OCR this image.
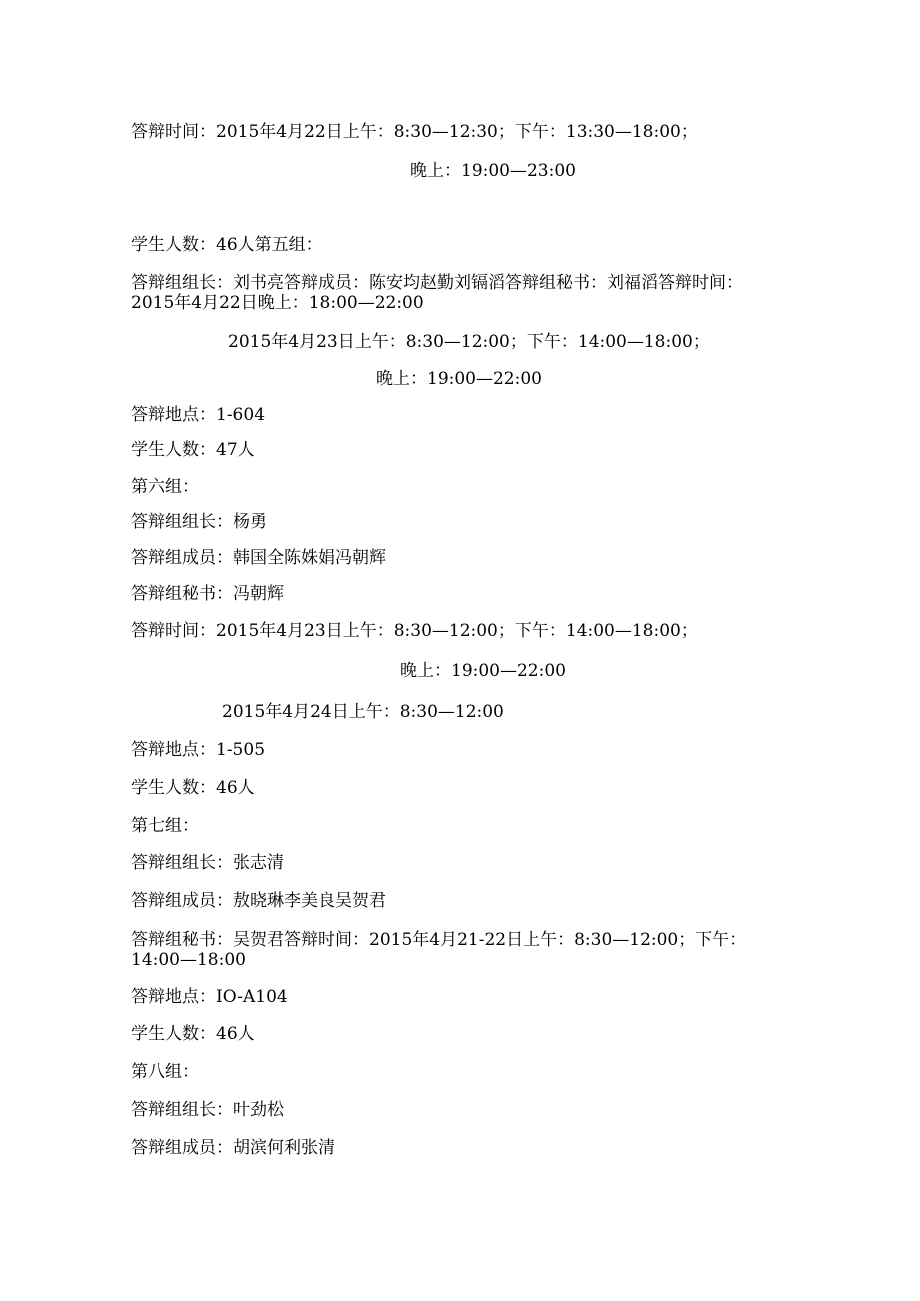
答辩时间：2015年4月22日上午：8:30—12:30；下午：13:30—18:00；
晚上：19:00—23:00
学生人数：46人第五组：
答辩组组长：刘书亮答辩成员：陈安均赵勤刘镉滔答辩组秘书：刘福滔答辩时间：2015年4月22日晚上：18:00—22:00
2015年4月23日上午：8:30—12:00；下午：14:00—18:00；
晚上：19:00—22:00
答辩地点：1-604
学生人数：47人
第六组：
答辩组组长：杨勇
答辩组成员：韩国全陈姝娟冯朝辉
答辩组秘书：冯朝辉
答辩时间：2015年4月23日上午：8:30—12:00；下午：14:00—18:00；
晚上：19:00—22:00
2015年4月24日上午：8:30—12:00
答辩地点：1-505
学生人数：46人
第七组：
答辩组组长：张志清
答辩组成员：敖晓琳李美良吴贺君
答辩组秘书：吴贺君答辩时间：2015年4月21-22日上午：8:30—12:00；下午：14:00—18:00
答辩地点：IO-A104
学生人数：46人
第八组：
答辩组组长：叶劲松
答辩组成员：胡滨何利张清
